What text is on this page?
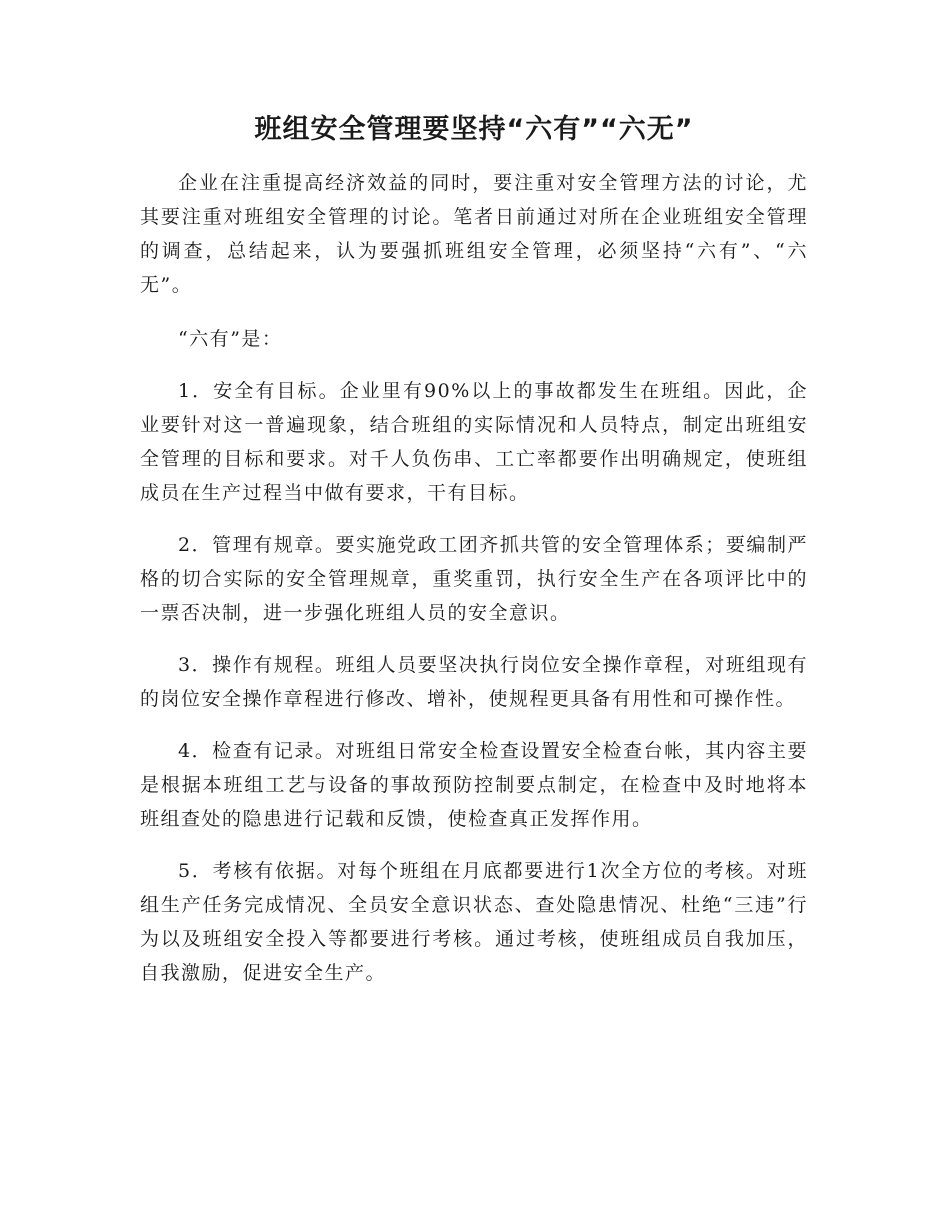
班组安全管理要坚持“六有”“六无”

企业在注重提高经济效益的同时，要注重对安全管理方法的讨论，尤其要注重对班组安全管理的讨论。笔者日前通过对所在企业班组安全管理的调查，总结起来，认为要强抓班组安全管理，必须坚持“六有”、“六无”。

“六有”是：

1．安全有目标。企业里有90%以上的事故都发生在班组。因此，企业要针对这一普遍现象，结合班组的实际情况和人员特点，制定出班组安全管理的目标和要求。对千人负伤串、工亡率都要作出明确规定，使班组成员在生产过程当中做有要求，干有目标。

2．管理有规章。要实施党政工团齐抓共管的安全管理体系；要编制严格的切合实际的安全管理规章，重奖重罚，执行安全生产在各项评比中的一票否决制，进一步强化班组人员的安全意识。

3．操作有规程。班组人员要坚决执行岗位安全操作章程，对班组现有的岗位安全操作章程进行修改、增补，使规程更具备有用性和可操作性。

4．检查有记录。对班组日常安全检查设置安全检查台帐，其内容主要是根据本班组工艺与设备的事故预防控制要点制定，在检查中及时地将本班组查处的隐患进行记载和反馈，使检查真正发挥作用。

5．考核有依据。对每个班组在月底都要进行1次全方位的考核。对班组生产任务完成情况、全员安全意识状态、查处隐患情况、杜绝“三违”行为以及班组安全投入等都要进行考核。通过考核，使班组成员自我加压，自我激励，促进安全生产。
